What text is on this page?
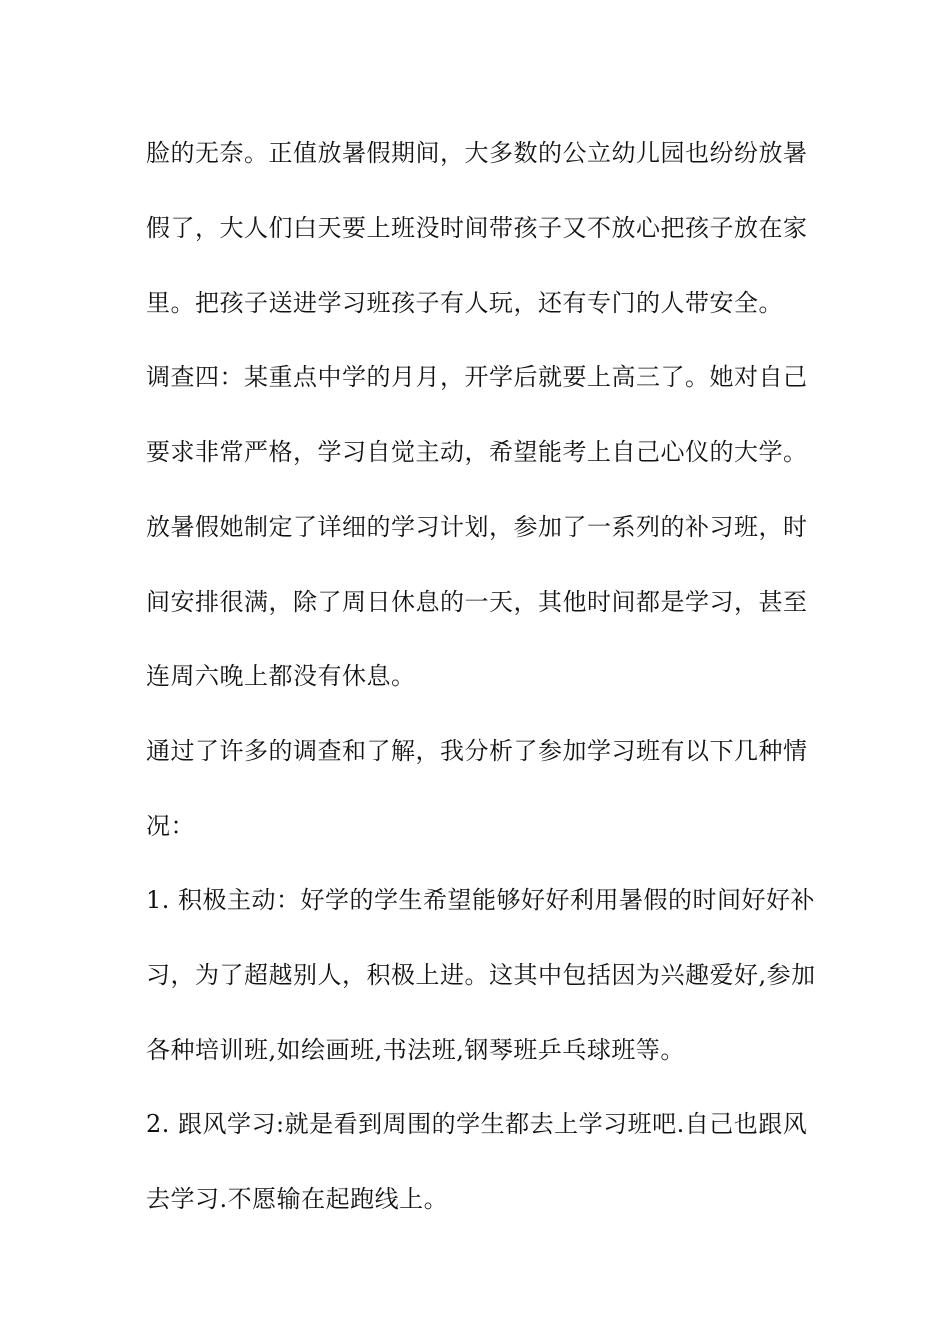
脸的无奈。正值放暑假期间，大多数的公立幼儿园也纷纷放暑
假了，大人们白天要上班没时间带孩子又不放心把孩子放在家
里。把孩子送进学习班孩子有人玩，还有专门的人带安全。
调查四：某重点中学的月月，开学后就要上高三了。她对自己
要求非常严格，学习自觉主动，希望能考上自己心仪的大学。
放暑假她制定了详细的学习计划，参加了一系列的补习班，时
间安排很满，除了周日休息的一天，其他时间都是学习，甚至
连周六晚上都没有休息。
通过了许多的调查和了解，我分析了参加学习班有以下几种情
况：
1. 积极主动：好学的学生希望能够好好利用暑假的时间好好补
习，为了超越别人，积极上进。这其中包括因为兴趣爱好,参加
各种培训班,如绘画班,书法班,钢琴班乒乓球班等。
2. 跟风学习:就是看到周围的学生都去上学习班吧.自己也跟风
去学习.不愿输在起跑线上。
